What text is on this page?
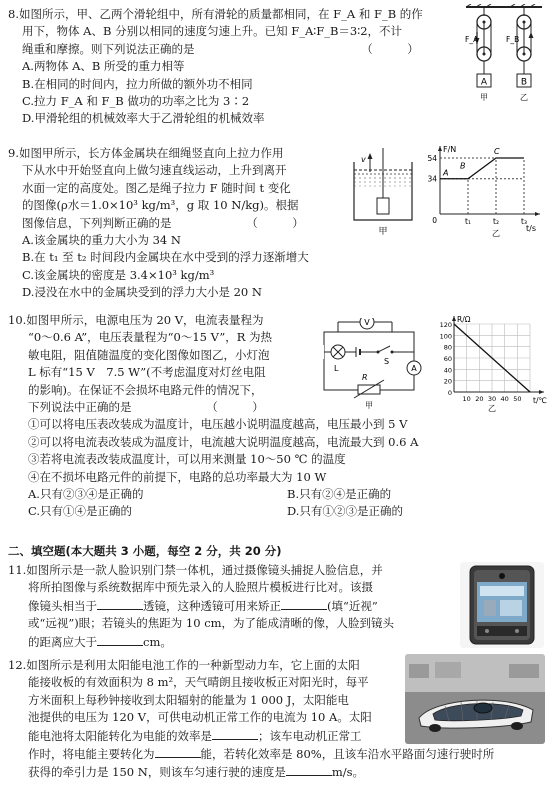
8.如图所示，甲、乙两个滑轮组中，所有滑轮的质量都相同，在 F_A 和 F_B 的作
用下，物体 A、B 分别以相同的速度匀速上升。已知 F_A∶F_B＝3∶2，不计
绳重和摩擦。则下列说法正确的是　　　　　　　　　　　　　　　（　　　）
A.两物体 A、B 所受的重力相等
B.在相同的时间内，拉力所做的额外功不相同
C.拉力 F_A 和 F_B 做功的功率之比为 3∶2
D.甲滑轮组的机械效率大于乙滑轮组的机械效率
A
F_A
甲
B
F_B
乙
9.如图甲所示，长方体金属块在细绳竖直向上拉力作用
下从水中开始竖直向上做匀速直线运动，上升到离开
水面一定的高度处。图乙是绳子拉力 F 随时间 t 变化
的图像(ρ水＝1.0×10³ kg/m³，g 取 10 N/kg)。根据
图像信息，下列判断正确的是　　　　　　　（　　　）
A.该金属块的重力大小为 34 N
B.在 t₁ 至 t₂ 时间段内金属块在水中受到的浮力逐渐增大
C.该金属块的密度是 3.4×10³ kg/m³
D.浸没在水中的金属块受到的浮力大小是 20 N
v
甲
F/N
t/s
34
54
0	t₁	t₂	t₃
A
B
C
乙
10.如图甲所示，电源电压为 20 V，电流表量程为
“0～0.6 A”，电压表量程为“0～15 V”，R 为热
敏电阻，阻值随温度的变化图像如图乙，小灯泡
L 标有“15 V　7.5 W”(不考虑温度对灯丝电阻
的影响)。在保证不会损坏电路元件的情况下，
下列说法中正确的是　　　　　　　（　　　）
①可以将电压表改装成为温度计，电压越小说明温度越高，电压最小到 5 V
②可以将电流表改装成为温度计，电流越大说明温度越高，电流最大到 0.6 A
③若将电流表改装成温度计，可以用来测量 10～50 ℃ 的温度
④在不损坏电路元件的前提下，电路的总功率最大为 10 W
A.只有②③④是正确的	B.只有②④是正确的
C.只有①④是正确的	D.只有①②③是正确的
V
L
S
A
R
甲
R/Ω
t/℃
120
100
80
60
40
20
0
10 20 30 40 50
乙
二、填空题(本大题共 3 小题，每空 2 分，共 20 分)
11.如图所示是一款人脸识别门禁一体机，通过摄像镜头捕捉人脸信息，并
将所拍图像与系统数据库中预先录入的人脸照片模板进行比对。该摄
像镜头相当于	透镜，这种透镜可用来矫正	(填“近视”
或“远视”)眼；若镜头的焦距为 10 cm，为了能成清晰的像，人脸到镜头
的距离应大于	cm。
12.如图所示是利用太阳能电池工作的一种新型动力车，它上面的太阳
能接收板的有效面积为 8 m²，天气晴朗且接收板正对阳光时，每平
方米面积上每秒钟接收到太阳辐射的能量为 1 000 J，太阳能电
池提供的电压为 120 V，可供电动机正常工作的电流为 10 A。太阳
能电池将太阳能转化为电能的效率是	；该车电动机正常工
作时，将电能主要转化为	能，若转化效率是 80%，且该车沿水平路面匀速行驶时所
获得的牵引力是 150 N，则该车匀速行驶的速度是	m/s。
